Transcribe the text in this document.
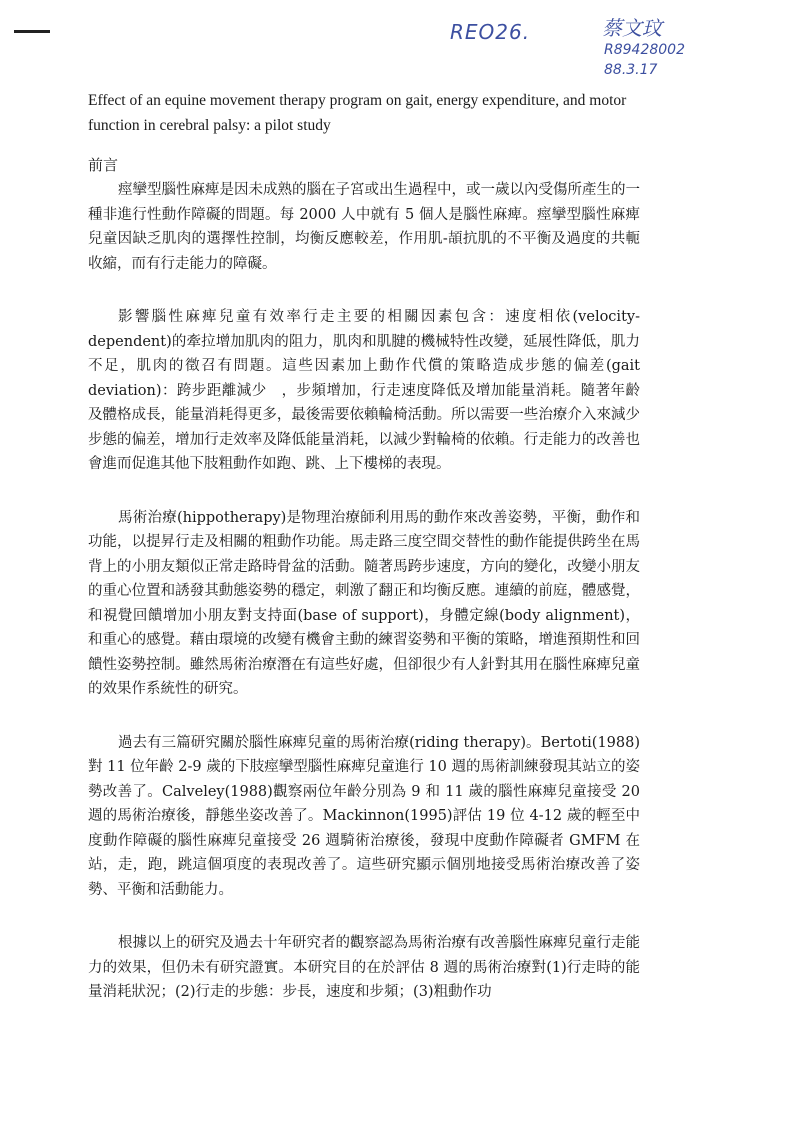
REO26.	蔡文玟
R89428002
88.3.17
Effect of an equine movement therapy program on gait, energy expenditure, and motor function in cerebral palsy: a pilot study
前言

痙攣型腦性麻痺是因未成熟的腦在子宮或出生過程中，或一歲以內受傷所產生的一種非進行性動作障礙的問題。每 2000 人中就有 5 個人是腦性麻痺。痙攣型腦性麻痺兒童因缺乏肌肉的選擇性控制，均衡反應較差，作用肌-頡抗肌的不平衡及過度的共軛收縮，而有行走能力的障礙。

影響腦性麻痺兒童有效率行走主要的相關因素包含：速度相依(velocity-dependent)的牽拉增加肌肉的阻力，肌肉和肌腱的機械特性改變，延展性降低，肌力不足，肌肉的徵召有問題。這些因素加上動作代償的策略造成步態的偏差(gait deviation)：跨步距離減少　，步頻增加，行走速度降低及增加能量消耗。隨著年齡及體格成長，能量消耗得更多，最後需要依賴輪椅活動。所以需要一些治療介入來減少步態的偏差，增加行走效率及降低能量消耗，以減少對輪椅的依賴。行走能力的改善也會進而促進其他下肢粗動作如跑、跳、上下樓梯的表現。

馬術治療(hippotherapy)是物理治療師利用馬的動作來改善姿勢，平衡，動作和功能，以提昇行走及相關的粗動作功能。馬走路三度空間交替性的動作能提供跨坐在馬背上的小朋友類似正常走路時骨盆的活動。隨著馬跨步速度，方向的變化，改變小朋友的重心位置和誘發其動態姿勢的穩定，刺激了翻正和均衡反應。連續的前庭，體感覺，和視覺回饋增加小朋友對支持面(base of support)，身體定線(body alignment)，和重心的感覺。藉由環境的改變有機會主動的練習姿勢和平衡的策略，增進預期性和回饋性姿勢控制。雖然馬術治療潛在有這些好處，但卻很少有人針對其用在腦性麻痺兒童的效果作系統性的研究。

過去有三篇研究關於腦性麻痺兒童的馬術治療(riding therapy)。Bertoti(1988)對 11 位年齡 2-9 歲的下肢痙攣型腦性麻痺兒童進行 10 週的馬術訓練發現其站立的姿勢改善了。Calveley(1988)觀察兩位年齡分別為 9 和 11 歲的腦性麻痺兒童接受 20 週的馬術治療後，靜態坐姿改善了。Mackinnon(1995)評估 19 位 4-12 歲的輕至中度動作障礙的腦性麻痺兒童接受 26 週騎術治療後，發現中度動作障礙者 GMFM 在站，走，跑，跳這個項度的表現改善了。這些研究顯示個別地接受馬術治療改善了姿勢、平衡和活動能力。

根據以上的研究及過去十年研究者的觀察認為馬術治療有改善腦性麻痺兒童行走能力的效果，但仍未有研究證實。本研究目的在於評估 8 週的馬術治療對(1)行走時的能量消耗狀況；(2)行走的步態：步長，速度和步頻；(3)粗動作功
